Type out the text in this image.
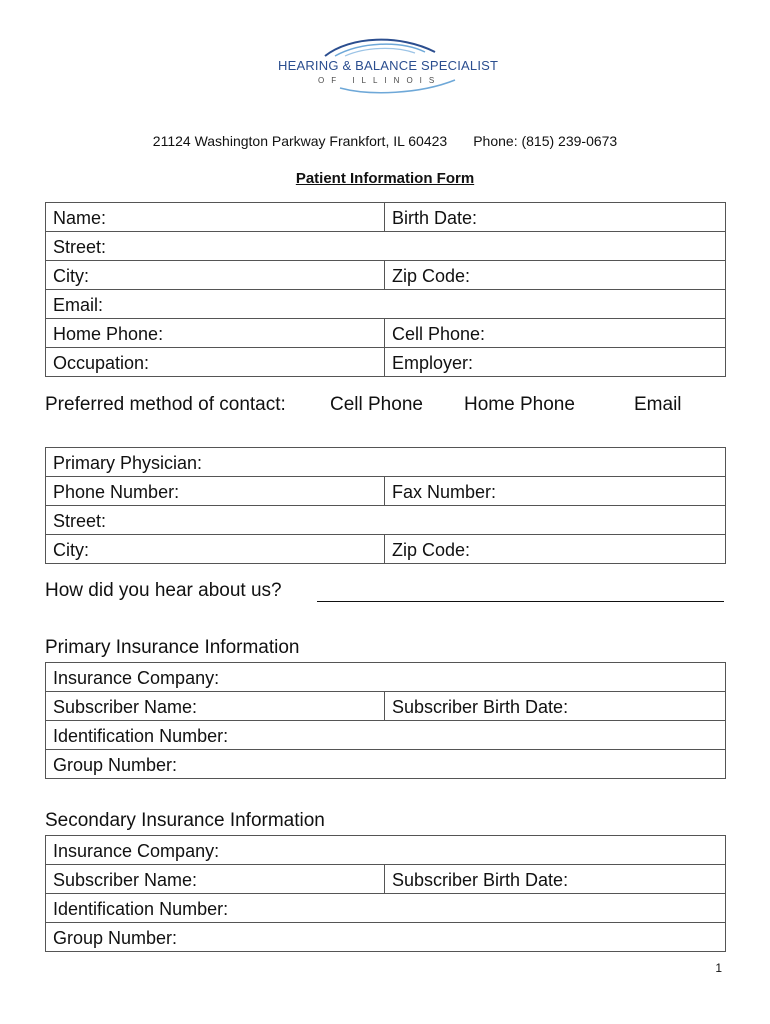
HEARING & BALANCE SPECIALIST
OF ILLINOIS
21124 Washington Parkway Frankfort, IL 60423 Phone: (815) 239-0673
Patient Information Form
Name:	Birth Date:
Street:	
City:	Zip Code:
Email:	
Home Phone:	Cell Phone:
Occupation:	Employer:
Preferred method of contact: Cell Phone Home Phone	Email
Primary Physician:	
Phone Number:	Fax Number:
Street:	
City:	Zip Code:
How did you hear about us?
Primary Insurance Information
Insurance Company:
Subscriber Name:	Subscriber Birth Date:
Identification Number:
Group Number:
Secondary Insurance Information
Insurance Company:
Subscriber Name:	Subscriber Birth Date:
Identification Number:
Group Number:
1
